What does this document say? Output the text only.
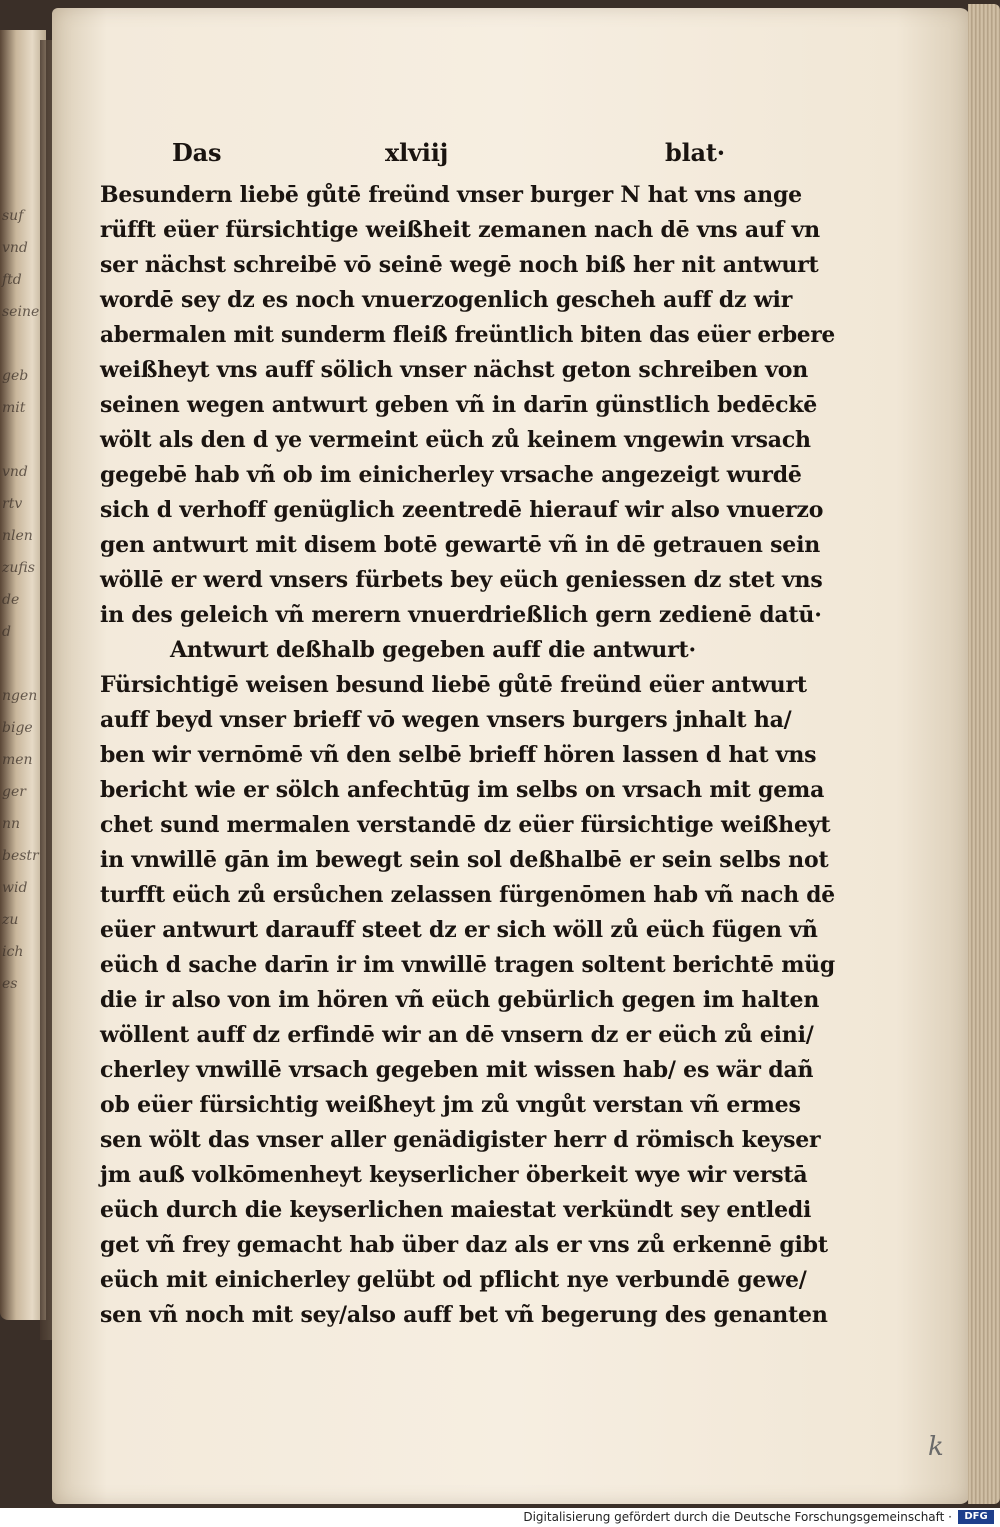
suf
vnd
ftd
seine

geb
mit

vnd
rtv
nlen
zufis
de
d

ngen
bige
men
ger
nn
bestr
wid
zu
ich
es
Das	xlviij	blat·
Besundern liebē gůtē freünd vnser burger N hat vns ange
rüfft eüer fürsichtige weißheit zemanen nach dē vns auf vn
ser nächst schreibē vō seinē wegē noch biß her nit antwurt
wordē sey dz es noch vnuerzogenlich gescheh auff dz wir
abermalen mit sunderm fleiß freüntlich biten das eüer erbere
weißheyt vns auff sölich vnser nächst geton schreiben von
seinen wegen antwurt geben vñ in darīn günstlich bedēckē
wölt als den d ye vermeint eüch zů keinem vngewin vrsach
gegebē hab vñ ob im einicherley vrsache angezeigt wurdē
sich d verhoff genüglich zeentredē hierauf wir also vnuerzo
gen antwurt mit disem botē gewartē vñ in dē getrauen sein
wöllē er werd vnsers fürbets bey eüch geniessen dz stet vns
in des geleich vñ merern vnuerdrießlich gern zedienē datū·
Antwurt deßhalb gegeben auff die antwurt·
Fürsichtigē weisen besund liebē gůtē freünd eüer antwurt
auff beyd vnser brieff vō wegen vnsers burgers jnhalt ha/
ben wir vernōmē vñ den selbē brieff hören lassen d hat vns
bericht wie er sölch anfechtūg im selbs on vrsach mit gema
chet sund mermalen verstandē dz eüer fürsichtige weißheyt
in vnwillē gān im bewegt sein sol deßhalbē er sein selbs not
turfft eüch zů ersůchen zelassen fürgenōmen hab vñ nach dē
eüer antwurt darauff steet dz er sich wöll zů eüch fügen vñ
eüch d sache darīn ir im vnwillē tragen soltent berichtē müg
die ir also von im hören vñ eüch gebürlich gegen im halten
wöllent auff dz erfindē wir an dē vnsern dz er eüch zů eini/
cherley vnwillē vrsach gegeben mit wissen hab/ es wär dañ
ob eüer fürsichtig weißheyt jm zů vngůt verstan vñ ermes
sen wölt das vnser aller genädigister herr d römisch keyser
jm auß volkōmenheyt keyserlicher öberkeit wye wir verstā
eüch durch die keyserlichen maiestat verkündt sey entledi
get vñ frey gemacht hab über daz als er vns zů erkennē gibt
eüch mit einicherley gelübt od pflicht nye verbundē gewe/
sen vñ noch mit sey/also auff bet vñ begerung des genanten
k
Digitalisierung gefördert durch die Deutsche Forschungsgemeinschaft ·	DFG
